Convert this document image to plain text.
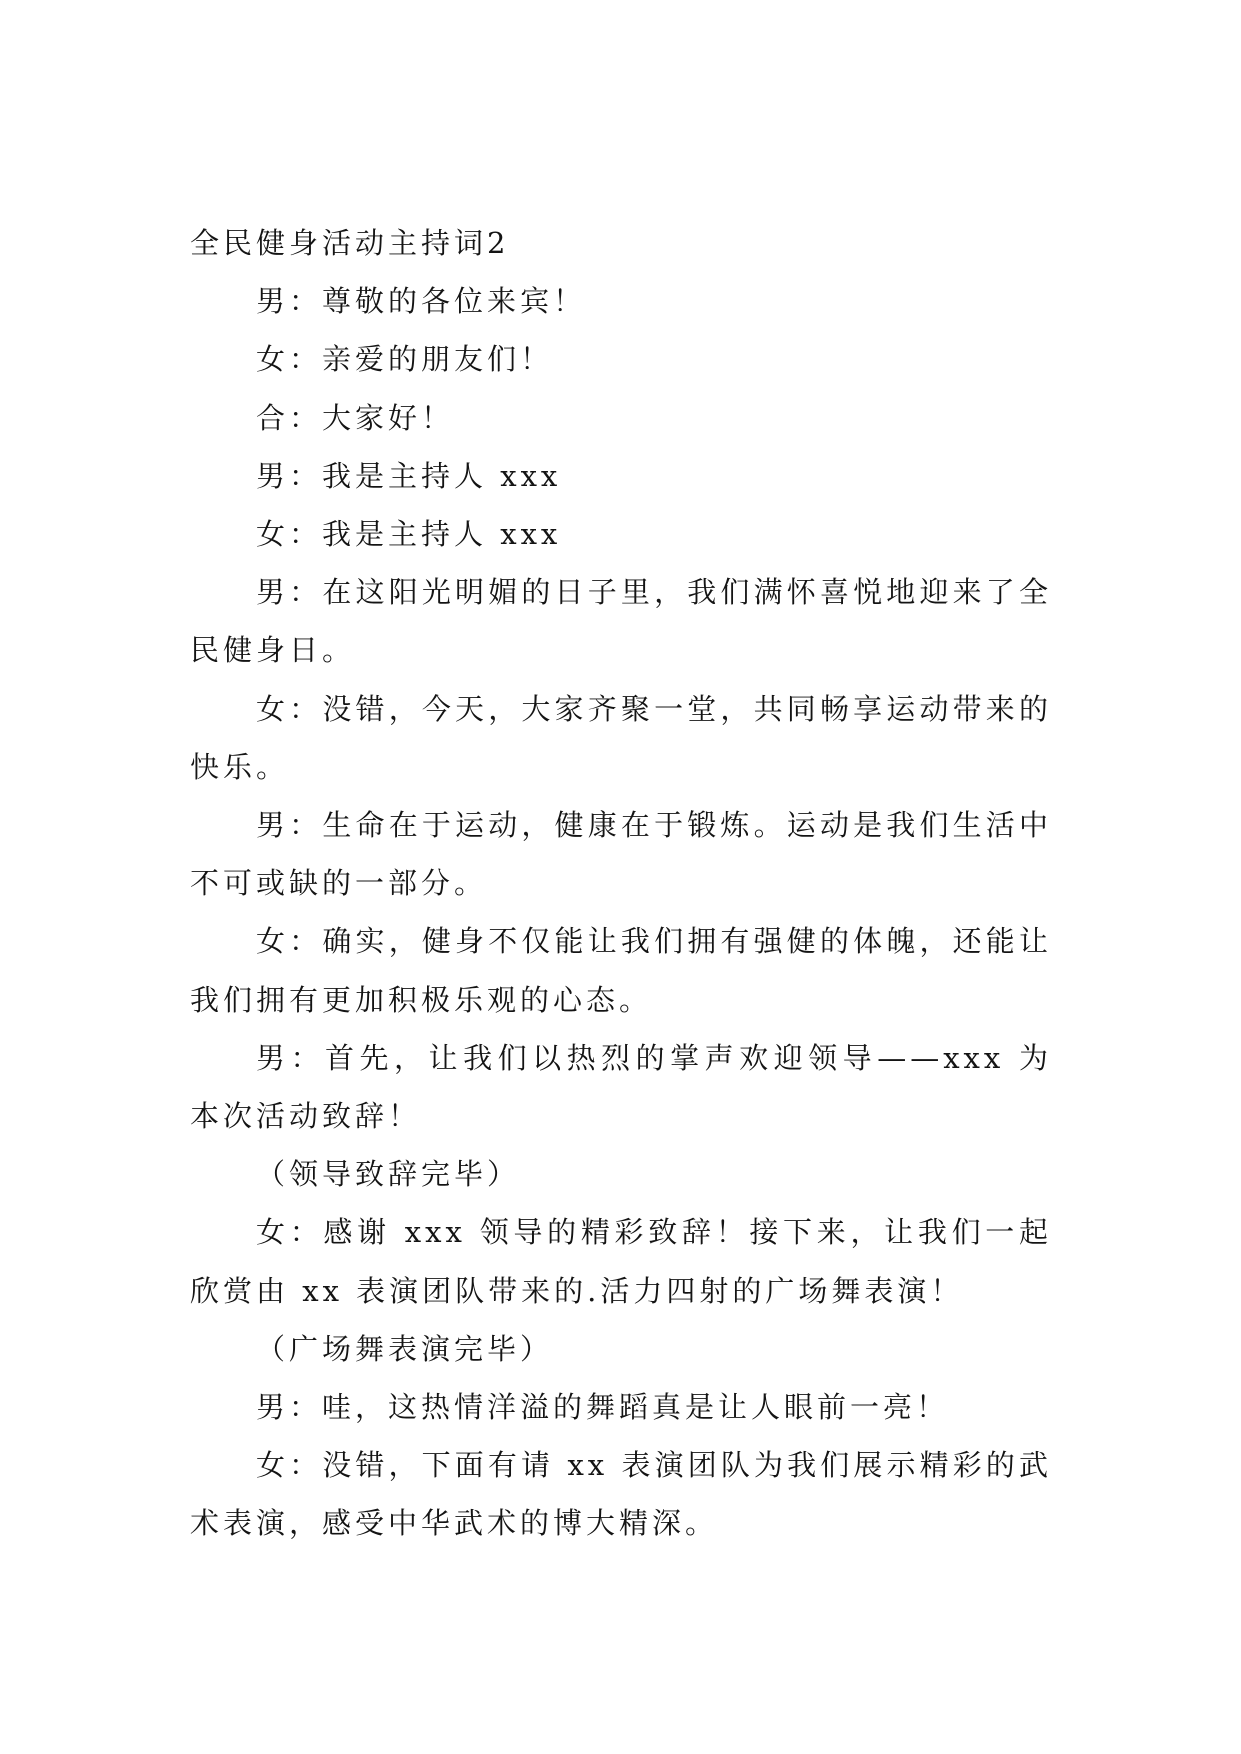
全民健身活动主持词2

男：尊敬的各位来宾！

女：亲爱的朋友们！

合：大家好！

男：我是主持人 xxx

女：我是主持人 xxx

男：在这阳光明媚的日子里，我们满怀喜悦地迎来了全民健身日。

女：没错，今天，大家齐聚一堂，共同畅享运动带来的快乐。

男：生命在于运动，健康在于锻炼。运动是我们生活中不可或缺的一部分。

女：确实，健身不仅能让我们拥有强健的体魄，还能让我们拥有更加积极乐观的心态。

男：首先，让我们以热烈的掌声欢迎领导——xxx 为本次活动致辞！

（领导致辞完毕）

女：感谢 xxx 领导的精彩致辞！接下来，让我们一起欣赏由 xx 表演团队带来的.活力四射的广场舞表演！

（广场舞表演完毕）

男：哇，这热情洋溢的舞蹈真是让人眼前一亮！

女：没错，下面有请 xx 表演团队为我们展示精彩的武术表演，感受中华武术的博大精深。
